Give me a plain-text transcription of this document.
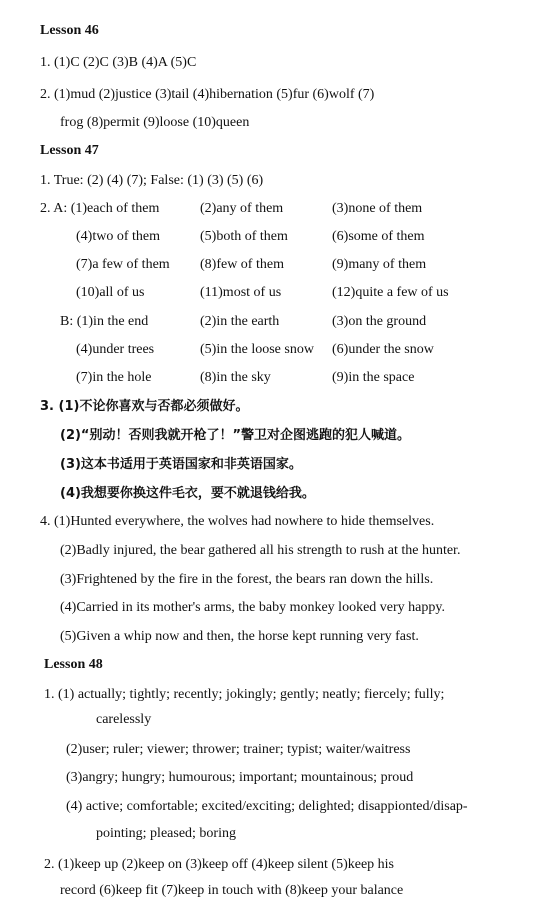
Lesson 46
1. (1)C (2)C (3)B (4)A (5)C
2. (1)mud (2)justice (3)tail (4)hibernation (5)fur (6)wolf (7)
frog (8)permit (9)loose (10)queen
Lesson 47
1. True: (2) (4) (7); False: (1) (3) (5) (6)
2. A: (1)each of them	(2)any of them	(3)none of them
(4)two of them	(5)both of them	(6)some of them
(7)a few of them (8)few of them	(9)many of them
(10)all of us	(11)most of us	(12)quite a few of us
B: (1)in the end	(2)in the earth	(3)on the ground
(4)under trees	(5)in the loose snow (6)under the snow
(7)in the hole	(8)in the sky	(9)in the space
3. (1)不论你喜欢与否都必须做好。
(2)“别动！否则我就开枪了！”警卫对企图逃跑的犯人喊道。
(3)这本书适用于英语国家和非英语国家。
(4)我想要你换这件毛衣，要不就退钱给我。
4. (1)Hunted everywhere, the wolves had nowhere to hide themselves.
(2)Badly injured, the bear gathered all his strength to rush at the hunter.
(3)Frightened by the fire in the forest, the bears ran down the hills.
(4)Carried in its mother's arms, the baby monkey looked very happy.
(5)Given a whip now and then, the horse kept running very fast.
Lesson 48
1. (1) actually; tightly; recently; jokingly; gently; neatly; fiercely; fully;
carelessly
(2)user; ruler; viewer; thrower; trainer; typist; waiter/waitress
(3)angry; hungry; humourous; important; mountainous; proud
(4) active; comfortable; excited/exciting; delighted; disappionted/disap-
pointing; pleased; boring
2. (1)keep up (2)keep on (3)keep off (4)keep silent (5)keep his
record (6)keep fit (7)keep in touch with (8)keep your balance
